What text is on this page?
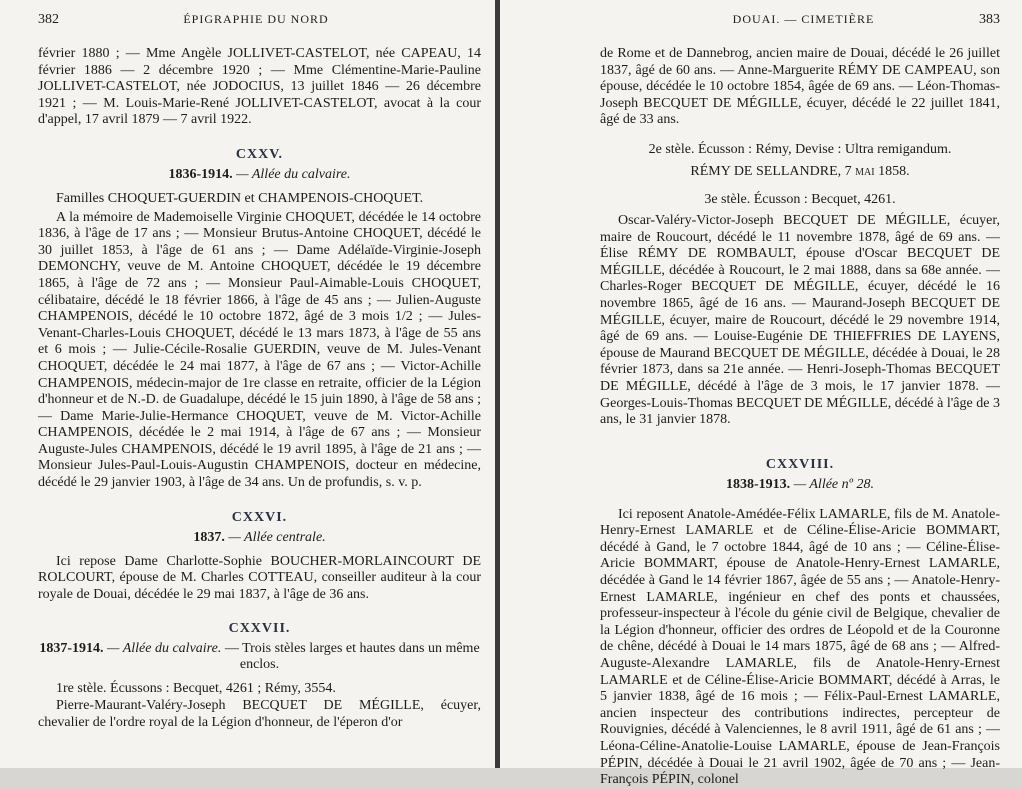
382	ÉPIGRAPHIE DU NORD

février 1880 ; — Mme Angèle JOLLIVET-CASTELOT, née CAPEAU, 14 février 1886 — 2 décembre 1920 ; — Mme Clémentine-Marie-Pauline JOLLIVET-CASTELOT, née JODOCIUS, 13 juillet 1846 — 26 décembre 1921 ; — M. Louis-Marie-René JOLLIVET-CASTELOT, avocat à la cour d'appel, 17 avril 1879 — 7 avril 1922.

CXXV.
1836-1914. — Allée du calvaire.

Familles CHOQUET-GUERDIN et CHAMPENOIS-CHOQUET.

A la mémoire de Mademoiselle Virginie CHOQUET, décédée le 14 octobre 1836, à l'âge de 17 ans ; — Monsieur Brutus-Antoine CHOQUET, décédé le 30 juillet 1853, à l'âge de 61 ans ; — Dame Adélaïde-Virginie-Joseph DEMONCHY, veuve de M. Antoine CHOQUET, décédée le 19 décembre 1865, à l'âge de 72 ans ; — Monsieur Paul-Aimable-Louis CHOQUET, célibataire, décédé le 18 février 1866, à l'âge de 45 ans ; — Julien-Auguste CHAMPENOIS, décédé le 10 octobre 1872, âgé de 3 mois 1/2 ; — Jules-Venant-Charles-Louis CHOQUET, décédé le 13 mars 1873, à l'âge de 55 ans et 6 mois ; — Julie-Cécile-Rosalie GUERDIN, veuve de M. Jules-Venant CHOQUET, décédée le 24 mai 1877, à l'âge de 67 ans ; — Victor-Achille CHAMPENOIS, médecin-major de 1re classe en retraite, officier de la Légion d'honneur et de N.-D. de Guadalupe, décédé le 15 juin 1890, à l'âge de 58 ans ; — Dame Marie-Julie-Hermance CHOQUET, veuve de M. Victor-Achille CHAMPENOIS, décédée le 2 mai 1914, à l'âge de 67 ans ; — Monsieur Auguste-Jules CHAMPENOIS, décédé le 19 avril 1895, à l'âge de 21 ans ; — Monsieur Jules-Paul-Louis-Augustin CHAMPENOIS, docteur en médecine, décédé le 29 janvier 1903, à l'âge de 34 ans. Un de profundis, s. v. p.

CXXVI.
1837. — Allée centrale.

Ici repose Dame Charlotte-Sophie BOUCHER-MORLAINCOURT DE ROLCOURT, épouse de M. Charles COTTEAU, conseiller auditeur à la cour royale de Douai, décédée le 29 mai 1837, à l'âge de 36 ans.

CXXVII.
1837-1914. — Allée du calvaire. — Trois stèles larges et hautes dans un même enclos.

1re stèle. Écussons : Becquet, 4261 ; Rémy, 3554.

Pierre-Maurant-Valéry-Joseph BECQUET DE MÉGILLE, écuyer, chevalier de l'ordre royal de la Légion d'honneur, de l'éperon d'or

DOUAI. — CIMETIÈRE	383

de Rome et de Dannebrog, ancien maire de Douai, décédé le 26 juillet 1837, âgé de 60 ans. — Anne-Marguerite RÉMY DE CAMPEAU, son épouse, décédée le 10 octobre 1854, âgée de 69 ans. — Léon-Thomas-Joseph BECQUET DE MÉGILLE, écuyer, décédé le 22 juillet 1841, âgé de 33 ans.

2e stèle. Écusson : Rémy, Devise : Ultra remigandum.

RÉMY DE SELLANDRE, 7 mai 1858.

3e stèle. Écusson : Becquet, 4261.

Oscar-Valéry-Victor-Joseph BECQUET DE MÉGILLE, écuyer, maire de Roucourt, décédé le 11 novembre 1878, âgé de 69 ans. — Élise RÉMY DE ROMBAULT, épouse d'Oscar BECQUET DE MÉGILLE, décédée à Roucourt, le 2 mai 1888, dans sa 68e année. — Charles-Roger BECQUET DE MÉGILLE, écuyer, décédé le 16 novembre 1865, âgé de 16 ans. — Maurand-Joseph BECQUET DE MÉGILLE, écuyer, maire de Roucourt, décédé le 29 novembre 1914, âgé de 69 ans. — Louise-Eugénie DE THIEFFRIES DE LAYENS, épouse de Maurand BECQUET DE MÉGILLE, décédée à Douai, le 28 février 1873, dans sa 21e année. — Henri-Joseph-Thomas BECQUET DE MÉGILLE, décédé à l'âge de 3 mois, le 17 janvier 1878. — Georges-Louis-Thomas BECQUET DE MÉGILLE, décédé à l'âge de 3 ans, le 31 janvier 1878.

CXXVIII.
1838-1913. — Allée nº 28.

Ici reposent Anatole-Amédée-Félix LAMARLE, fils de M. Anatole-Henry-Ernest LAMARLE et de Céline-Élise-Aricie BOMMART, décédé à Gand, le 7 octobre 1844, âgé de 10 ans ; — Céline-Élise-Aricie BOMMART, épouse de Anatole-Henry-Ernest LAMARLE, décédée à Gand le 14 février 1867, âgée de 55 ans ; — Anatole-Henry-Ernest LAMARLE, ingénieur en chef des ponts et chaussées, professeur-inspecteur à l'école du génie civil de Belgique, chevalier de la Légion d'honneur, officier des ordres de Léopold et de la Couronne de chêne, décédé à Douai le 14 mars 1875, âgé de 68 ans ; — Alfred-Auguste-Alexandre LAMARLE, fils de Anatole-Henry-Ernest LAMARLE et de Céline-Élise-Aricie BOMMART, décédé à Arras, le 5 janvier 1838, âgé de 16 mois ; — Félix-Paul-Ernest LAMARLE, ancien inspecteur des contributions indirectes, percepteur de Rouvignies, décédé à Valenciennes, le 8 avril 1911, âgé de 61 ans ; — Léona-Céline-Anatolie-Louise LAMARLE, épouse de Jean-François PÉPIN, décédée à Douai le 21 avril 1902, âgée de 70 ans ; — Jean-François PÉPIN, colonel
